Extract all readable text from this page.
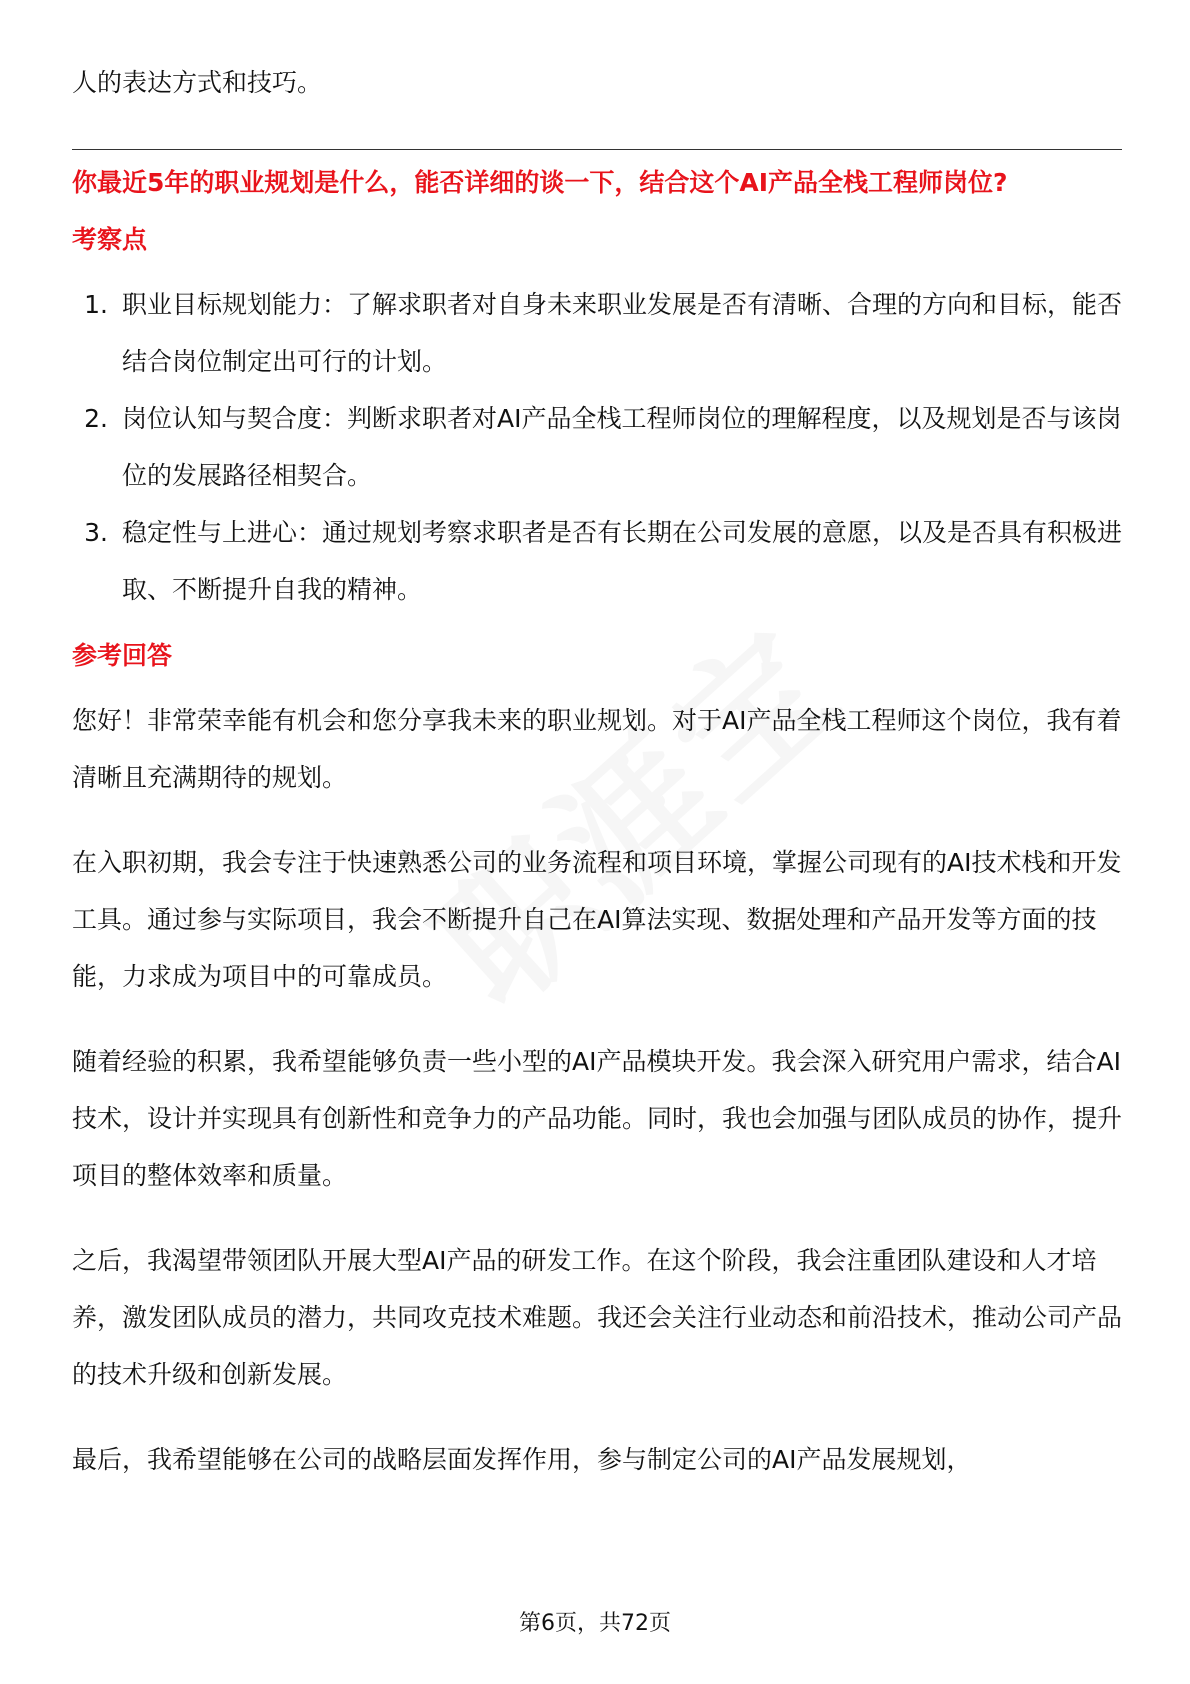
人的表达方式和技巧。

你最近5年的职业规划是什么，能否详细的谈一下，结合这个AI产品全栈工程师岗位?

考察点
1. 职业目标规划能力：了解求职者对自身未来职业发展是否有清晰、合理的方向和目标，能否结合岗位制定出可行的计划。
2. 岗位认知与契合度：判断求职者对AI产品全栈工程师岗位的理解程度，以及规划是否与该岗位的发展路径相契合。
3. 稳定性与上进心：通过规划考察求职者是否有长期在公司发展的意愿，以及是否具有积极进取、不断提升自我的精神。
参考回答

您好！非常荣幸能有机会和您分享我未来的职业规划。对于AI产品全栈工程师这个岗位，我有着清晰且充满期待的规划。

在入职初期，我会专注于快速熟悉公司的业务流程和项目环境，掌握公司现有的AI技术栈和开发工具。通过参与实际项目，我会不断提升自己在AI算法实现、数据处理和产品开发等方面的技能，力求成为项目中的可靠成员。

随着经验的积累，我希望能够负责一些小型的AI产品模块开发。我会深入研究用户需求，结合AI技术，设计并实现具有创新性和竞争力的产品功能。同时，我也会加强与团队成员的协作，提升项目的整体效率和质量。

之后，我渴望带领团队开展大型AI产品的研发工作。在这个阶段，我会注重团队建设和人才培养，激发团队成员的潜力，共同攻克技术难题。我还会关注行业动态和前沿技术，推动公司产品的技术升级和创新发展。

最后，我希望能够在公司的战略层面发挥作用，参与制定公司的AI产品发展规划，

第6页，共72页
